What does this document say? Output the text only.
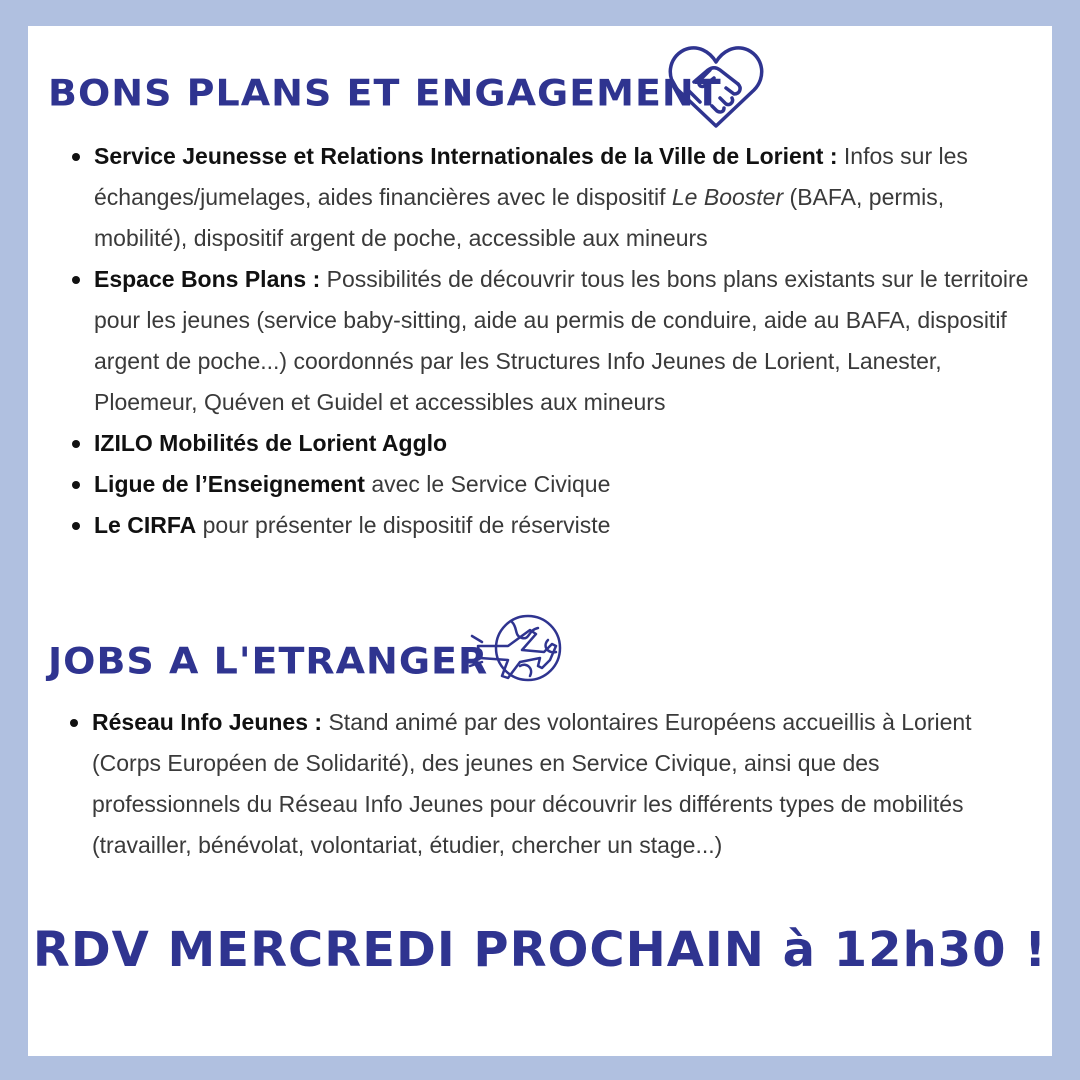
BONS PLANS ET ENGAGEMENT
Service Jeunesse et Relations Internationales de la Ville de Lorient : Infos sur les échanges/jumelages, aides financières avec le dispositif Le Booster (BAFA, permis, mobilité), dispositif argent de poche, accessible aux mineurs
Espace Bons Plans : Possibilités de découvrir tous les bons plans existants sur le territoire pour les jeunes (service baby-sitting, aide au permis de conduire, aide au BAFA, dispositif argent de poche...) coordonnés par les Structures Info Jeunes de Lorient, Lanester, Ploemeur, Quéven et Guidel et accessibles aux mineurs
IZILO Mobilités de Lorient Agglo
Ligue de l’Enseignement avec le Service Civique
Le CIRFA pour présenter le dispositif de réserviste
JOBS A L'ETRANGER
Réseau Info Jeunes : Stand animé par des volontaires Européens accueillis à Lorient (Corps Européen de Solidarité), des jeunes en Service Civique, ainsi que des professionnels du Réseau Info Jeunes pour découvrir les différents types de mobilités (travailler, bénévolat, volontariat, étudier, chercher un stage...)

RDV MERCREDI PROCHAIN à 12h30 !
